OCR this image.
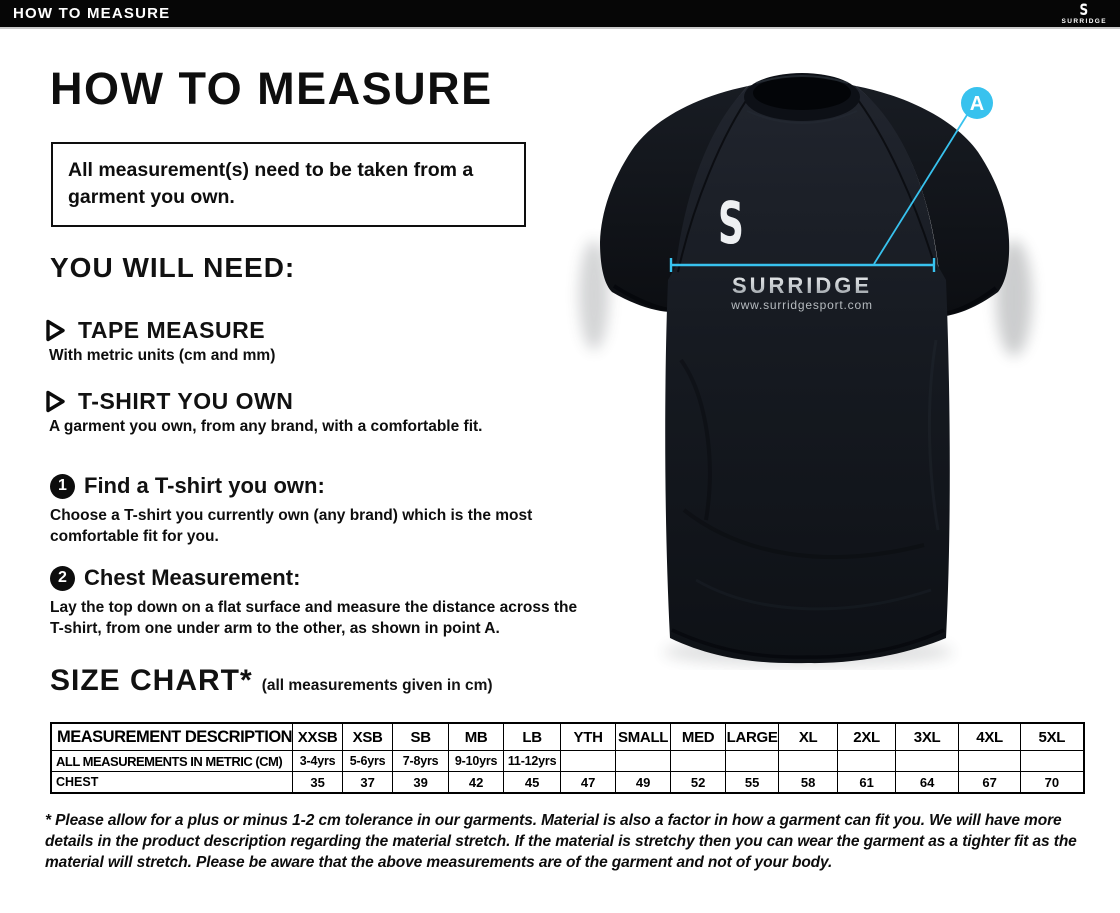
HOW TO MEASURE	S
SURRIDGE
HOW TO MEASURE
All measurement(s) need to be taken from a garment you own.
YOU WILL NEED:
TAPE MEASURE
With metric units (cm and mm)
T-SHIRT YOU OWN
A garment you own, from any brand, with a comfortable fit.
1 Find a T-shirt you own:
Choose a T-shirt you currently own (any brand) which is the most comfortable fit for you.
2 Chest Measurement:
Lay the top down on a flat surface and measure the distance across the T-shirt, from one under arm to the other, as shown in point A.
SIZE CHART* (all measurements given in cm)
MEASUREMENT DESCRIPTION	XXSB	XSB	SB	MB	LB	YTH	SMALL	MED	LARGE	XL	2XL	3XL	4XL	5XL
ALL MEASUREMENTS IN METRIC (CM)	3-4yrs	5-6yrs	7-8yrs	9-10yrs	11-12yrs									
CHEST	35	37	39	42	45	47	49	52	55	58	61	64	67	70
* Please allow for a plus or minus 1-2 cm tolerance in our garments. Material is also a factor in how a garment can fit you. We will have more details in the product description regarding the material stretch. If the material is stretchy then you can wear the garment as a tighter fit as the material will stretch. Please be aware that the above measurements are of the garment and not of your body.
S
SURRIDGE
www.surridgesport.com
A
